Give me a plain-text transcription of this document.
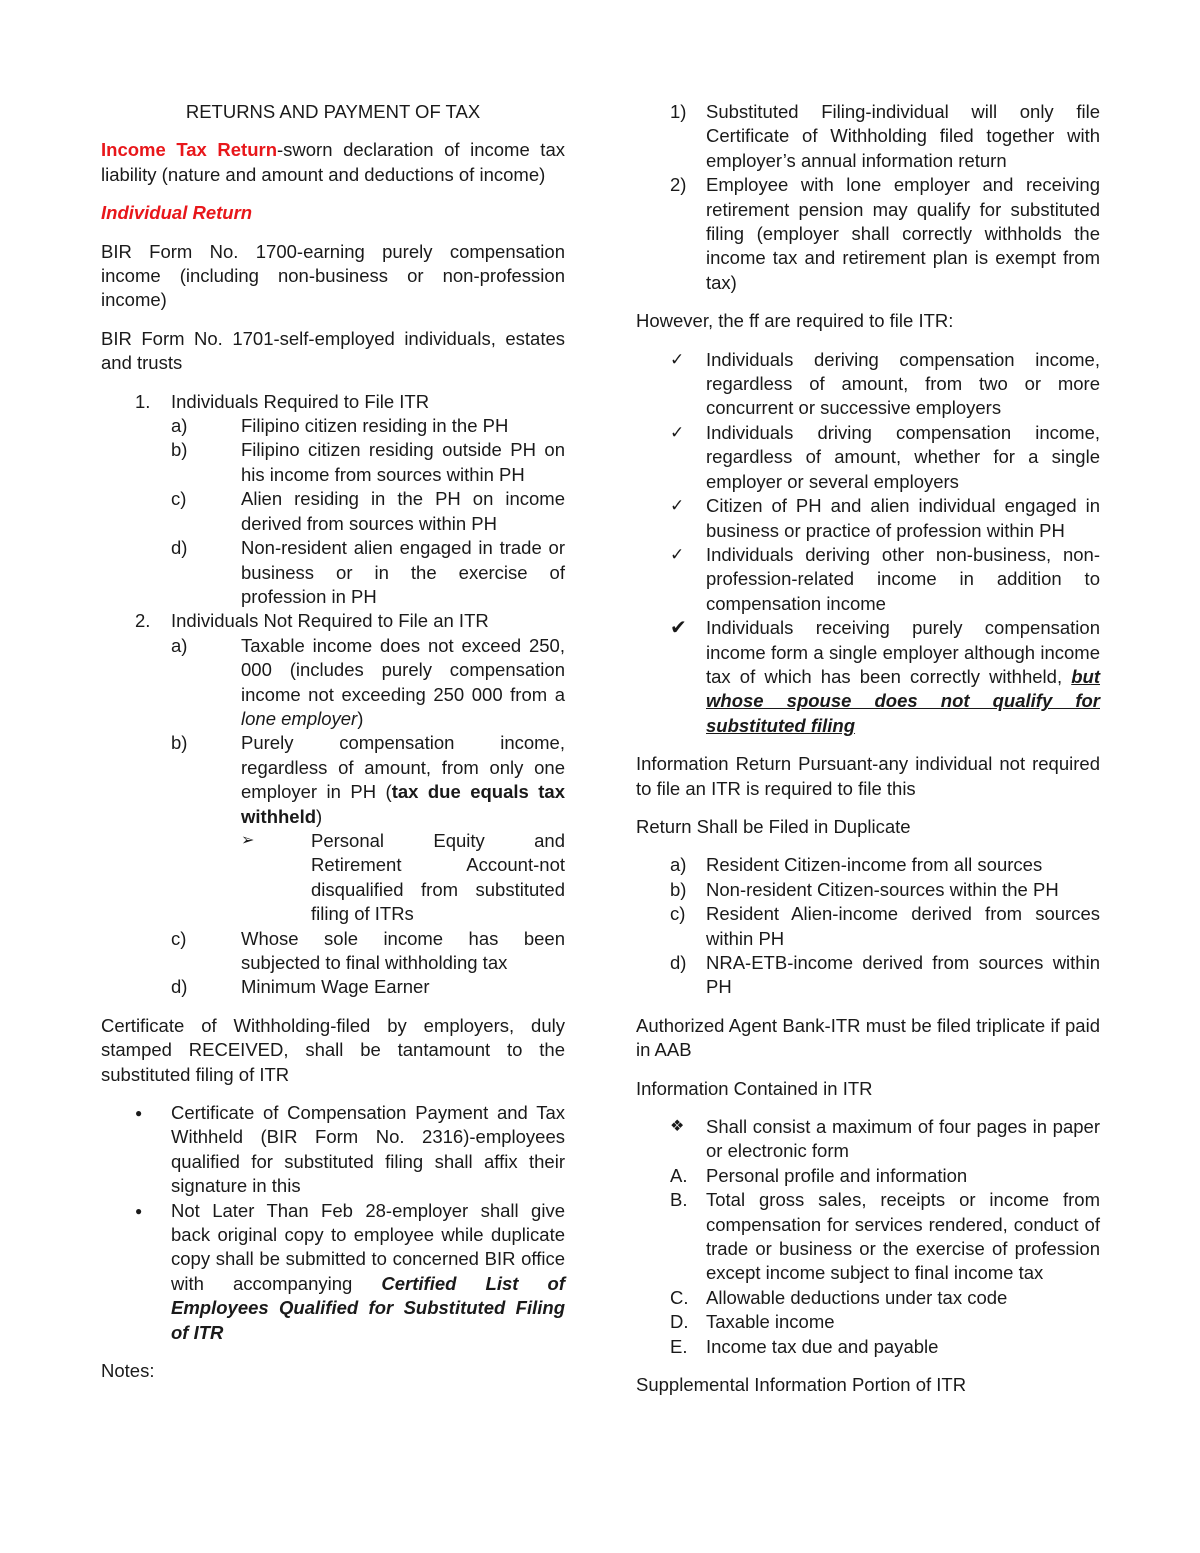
RETURNS AND PAYMENT OF TAX

Income Tax Return-sworn declaration of income tax liability (nature and amount and deductions of income)

Individual Return

BIR Form No. 1700-earning purely compensation income (including non-business or non-profession income)

BIR Form No. 1701-self-employed individuals, estates and trusts

1.	Individuals Required to File ITR
a)	Filipino citizen residing in the PH
b)	Filipino citizen residing outside PH on his income from sources within PH
c)	Alien residing in the PH on income derived from sources within PH
d)	Non-resident alien engaged in trade or business or in the exercise of profession in PH
2.	Individuals Not Required to File an ITR
a)	Taxable income does not exceed 250, 000 (includes purely compensation income not exceeding 250 000 from a lone employer)
b)	Purely compensation income, regardless of amount, from only one employer in PH (tax due equals tax withheld)
➢	Personal Equity and Retirement Account-not disqualified from substituted filing of ITRs
c)	Whose sole income has been subjected to final withholding tax
d)	Minimum Wage Earner

Certificate of Withholding-filed by employers, duly stamped RECEIVED, shall be tantamount to the substituted filing of ITR

●	Certificate of Compensation Payment and Tax Withheld (BIR Form No. 2316)-employees qualified for substituted filing shall affix their signature in this
●	Not Later Than Feb 28-employer shall give back original copy to employee while duplicate copy shall be submitted to concerned BIR office with accompanying Certified List of Employees Qualified for Substituted Filing of ITR

Notes:

1)	Substituted Filing-individual will only file Certificate of Withholding filed together with employer’s annual information return
2)	Employee with lone employer and receiving retirement pension may qualify for substituted filing (employer shall correctly withholds the income tax and retirement plan is exempt from tax)

However, the ff are required to file ITR:

✓	Individuals deriving compensation income, regardless of amount, from two or more concurrent or successive employers
✓	Individuals driving compensation income, regardless of amount, whether for a single employer or several employers
✓	Citizen of PH and alien individual engaged in business or practice of profession within PH
✓	Individuals deriving other non-business, non-profession-related income in addition to compensation income
✔	Individuals receiving purely compensation income form a single employer although income tax of which has been correctly withheld, but whose spouse does not qualify for substituted filing

Information Return Pursuant-any individual not required to file an ITR is required to file this

Return Shall be Filed in Duplicate

a)	Resident Citizen-income from all sources
b)	Non-resident Citizen-sources within the PH
c)	Resident Alien-income derived from sources within PH
d)	NRA-ETB-income derived from sources within PH

Authorized Agent Bank-ITR must be filed triplicate if paid in AAB

Information Contained in ITR

❖	Shall consist a maximum of four pages in paper or electronic form
A.	Personal profile and information
B.	Total gross sales, receipts or income from compensation for services rendered, conduct of trade or business or the exercise of profession except income subject to final income tax
C. Allowable deductions under tax code
D. Taxable income
E.	Income tax due and payable

Supplemental Information Portion of ITR
